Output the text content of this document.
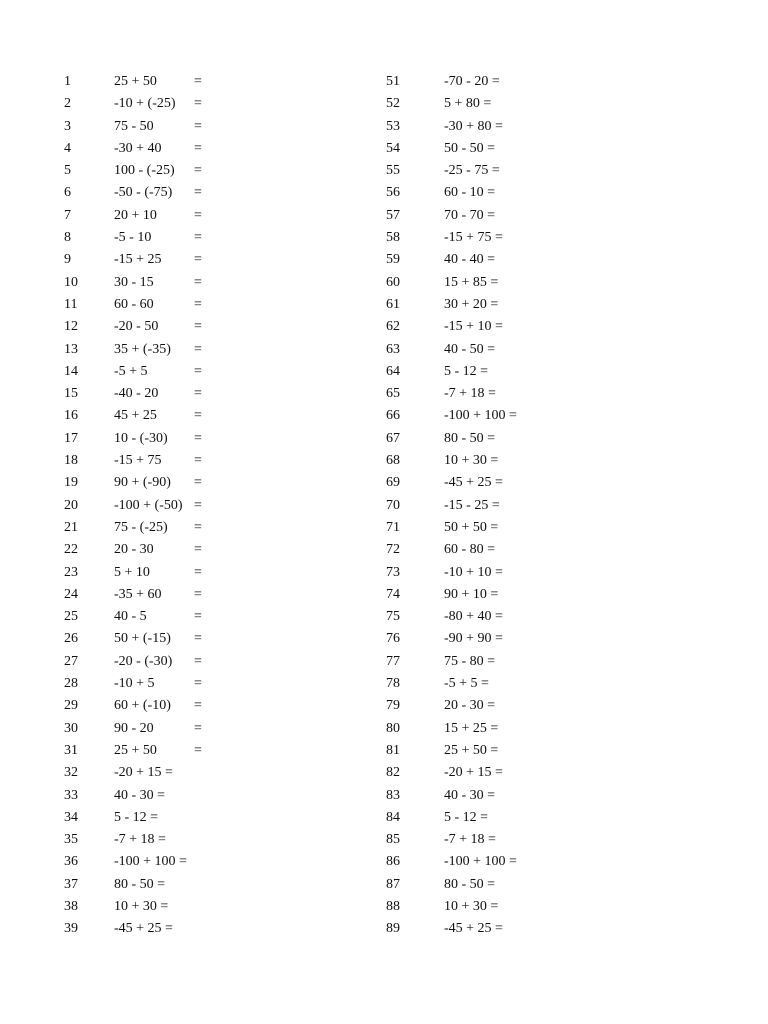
1	25 + 50	=
2	-10 + (-25) =
3	75 - 50	=
4	-30 + 40 =
5	100 - (-25) =
6	-50 - (-75) =
7	20 + 10	=
8	-5 - 10	=
9	-15 + 25 =
10	30 - 15	=
11	60 - 60	=
12	-20 - 50	=
13	35 + (-35) =
14	-5 + 5	=
15	-40 - 20	=
16	45 + 25	=
17	10 - (-30) =
18	-15 + 75 =
19	90 + (-90) =
20	-100 + (-50) =
21	75 - (-25) =
22	20 - 30	=
23	5 + 10	=
24	-35 + 60 =
25	40 - 5	=
26	50 + (-15) =
27	-20 - (-30) =
28	-10 + 5	=
29	60 + (-10) =
30	90 - 20	=
31	25 + 50	=
32	-20 + 15 =
33	40 - 30 =
34	5 - 12 =
35	-7 + 18 =
36	-100 + 100 =
37	80 - 50 =
38	10 + 30 =
39	-45 + 25 =
51	-70 - 20 =
52	5 + 80 =
53	-30 + 80 =
54	50 - 50 =
55	-25 - 75 =
56	60 - 10 =
57	70 - 70 =
58	-15 + 75 =
59	40 - 40 =
60	15 + 85 =
61	30 + 20 =
62	-15 + 10 =
63	40 - 50 =
64	5 - 12 =
65	-7 + 18 =
66	-100 + 100 =
67	80 - 50 =
68	10 + 30 =
69	-45 + 25 =
70	-15 - 25 =
71	50 + 50 =
72	60 - 80 =
73	-10 + 10 =
74	90 + 10 =
75	-80 + 40 =
76	-90 + 90 =
77	75 - 80 =
78	-5 + 5 =
79	20 - 30 =
80	15 + 25 =
81	25 + 50 =
82	-20 + 15 =
83	40 - 30 =
84	5 - 12 =
85	-7 + 18 =
86	-100 + 100 =
87	80 - 50 =
88	10 + 30 =
89	-45 + 25 =
